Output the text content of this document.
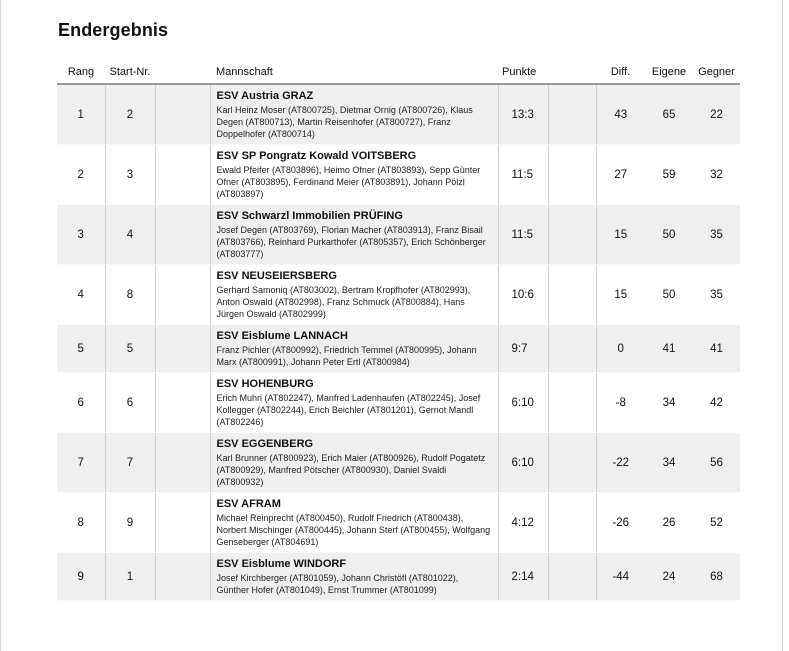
Endergebnis
Rang	Start-Nr.		Mannschaft	Punkte		Diff.	Eigene	Gegner
1	2		ESV Austria GRAZ
Karl Heinz Moser (AT800725), Dietmar Ornig (AT800726), Klaus Degen (AT800713), Martin Reisenhofer (AT800727), Franz Doppelhofer (AT800714)	13:3		43	65	22
2	3		ESV SP Pongratz Kowald VOITSBERG
Ewald Pfeifer (AT803896), Heimo Ofner (AT803893), Sepp Günter Ofner (AT803895), Ferdinand Meier (AT803891), Johann Pölzl (AT803897)	11:5		27	59	32
3	4		ESV Schwarzl Immobilien PRÜFING
Josef Degen (AT803769), Florian Macher (AT803913), Franz Bisail (AT803766), Reinhard Purkarthofer (AT805357), Erich Schönberger (AT803777)	11:5		15	50	35
4	8		ESV NEUSEIERSBERG
Gerhard Samoniq (AT803002), Bertram Kropfhofer (AT802993), Anton Oswald (AT802998), Franz Schmuck (AT800884), Hans Jürgen Oswald (AT802999)	10:6		15	50	35
5	5		ESV Eisblume LANNACH
Franz Pichler (AT800992), Friedrich Temmel (AT800995), Johann Marx (AT800991), Johann Peter Ertl (AT800984)	9:7		0	41	41
6	6		ESV HOHENBURG
Erich Muhri (AT802247), Manfred Ladenhaufen (AT802245), Josef Kollegger (AT802244), Erich Beichler (AT801201), Gernot Mandl (AT802246)	6:10		-8	34	42
7	7		ESV EGGENBERG
Karl Brunner (AT800923), Erich Maier (AT800926), Rudolf Pogatetz (AT800929), Manfred Pötscher (AT800930), Daniel Svaldi (AT800932)	6:10		-22	34	56
8	9		ESV AFRAM
Michael Reinprecht (AT800450), Rudolf Friedrich (AT800438), Norbert Mischinger (AT800445), Johann Sterf (AT800455), Wolfgang Genseberger (AT804691)	4:12		-26	26	52
9	1		ESV Eisblume WINDORF
Josef Kirchberger (AT801059), Johann Christöfl (AT801022), Günther Hofer (AT801049), Ernst Trummer (AT801099)	2:14		-44	24	68
